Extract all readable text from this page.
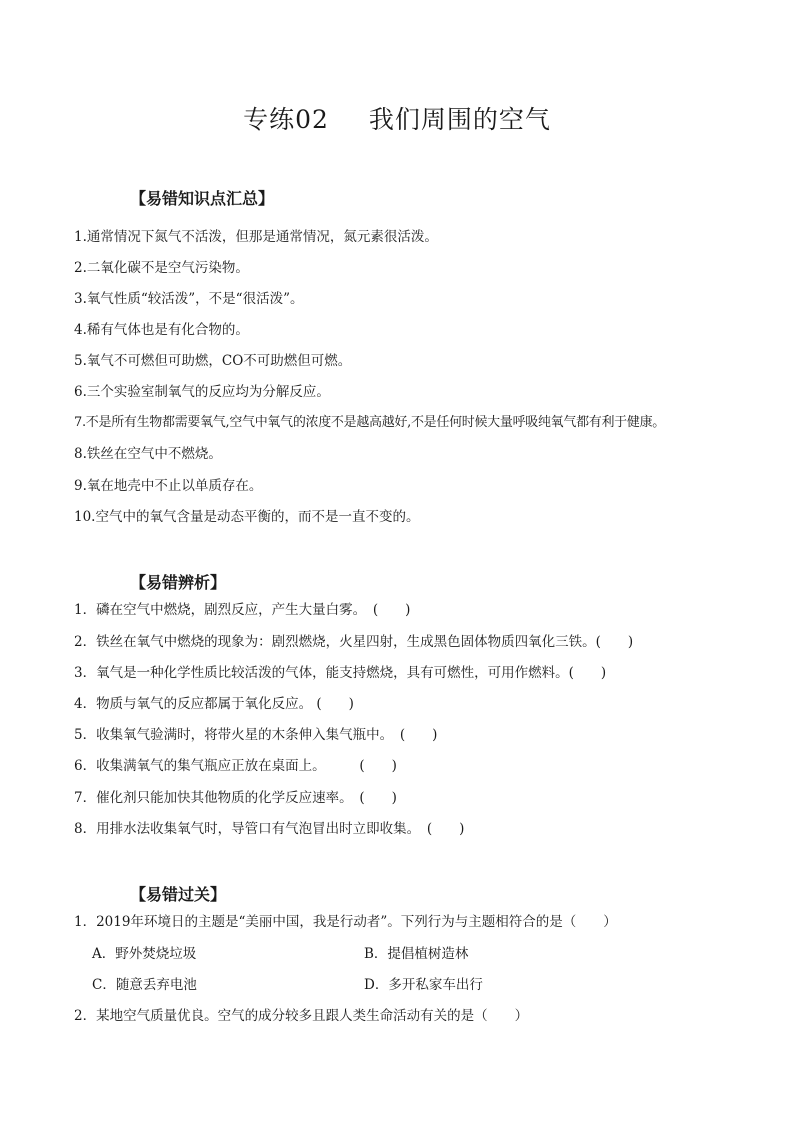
专练02 我们周围的空气
【易错知识点汇总】

1.通常情况下氮气不活泼，但那是通常情况，氮元素很活泼。

2.二氧化碳不是空气污染物。

3.氧气性质“较活泼”，不是“很活泼”。

4.稀有气体也是有化合物的。

5.氧气不可燃但可助燃，CO不可助燃但可燃。

6.三个实验室制氧气的反应均为分解反应。

7.不是所有生物都需要氧气,空气中氧气的浓度不是越高越好,不是任何时候大量呼吸纯氧气都有利于健康。

8.铁丝在空气中不燃烧。

9.氧在地壳中不止以单质存在。

10.空气中的氧气含量是动态平衡的，而不是一直不变的。

【易错辨析】

1．磷在空气中燃烧，剧烈反应，产生大量白雾。　(　　)

2．铁丝在氧气中燃烧的现象为：剧烈燃烧，火星四射，生成黑色固体物质四氧化三铁。(　　)

3．氧气是一种化学性质比较活泼的气体，能支持燃烧，具有可燃性，可用作燃料。(　　)

4．物质与氧气的反应都属于氧化反应。 (　　)

5．收集氧气验满时，将带火星的木条伸入集气瓶中。　(　　)

6．收集满氧气的集气瓶应正放在桌面上。　　　(　　)

7．催化剂只能加快其他物质的化学反应速率。　(　　)

8．用排水法收集氧气时，导管口有气泡冒出时立即收集。　(　　)

【易错过关】

1．2019年环境日的主题是“美丽中国，我是行动者”。下列行为与主题相符合的是（　　）

A．野外焚烧垃圾	B．提倡植树造林

C．随意丢弃电池	D．多开私家车出行

2．某地空气质量优良。空气的成分较多且跟人类生命活动有关的是（　　）
